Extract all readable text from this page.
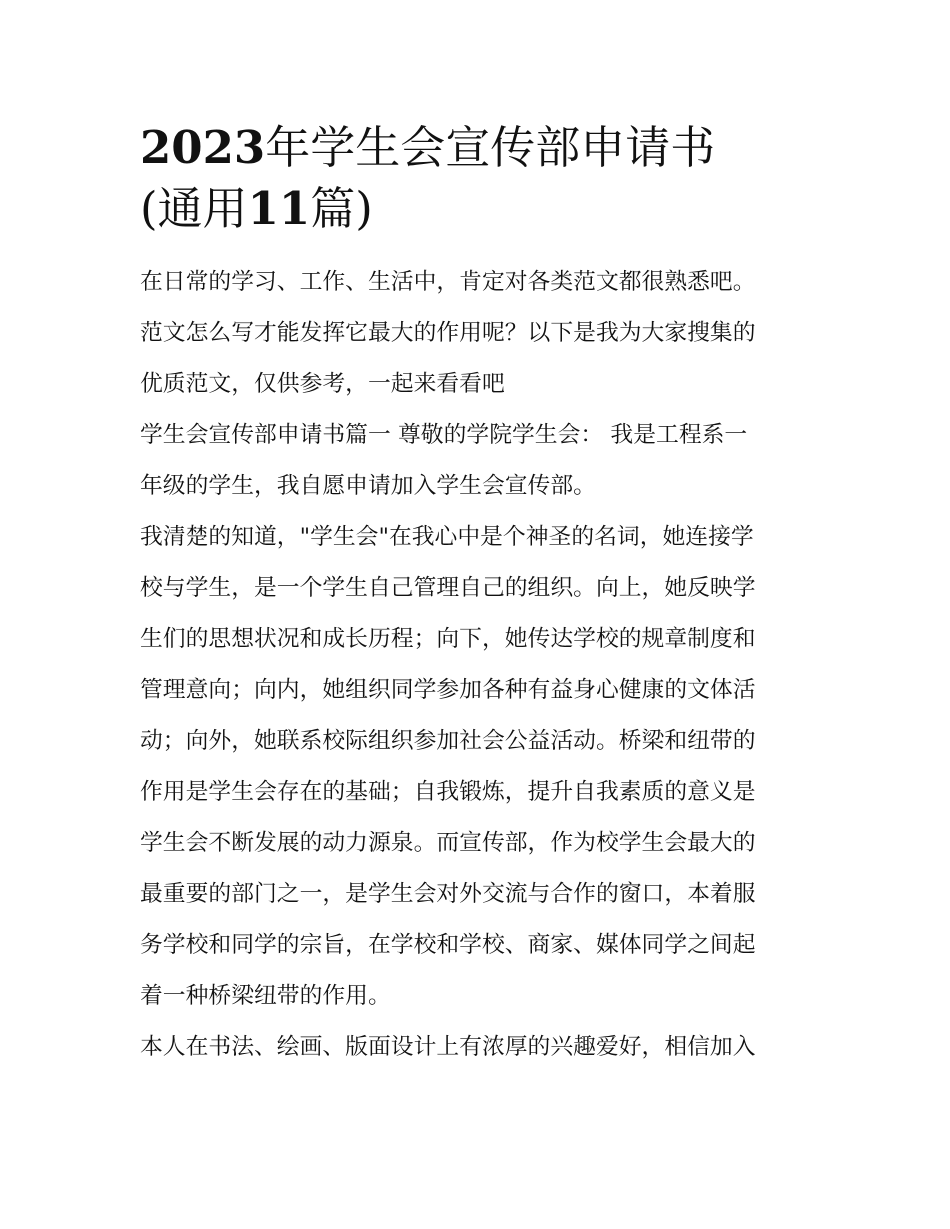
2023年学生会宣传部申请书
(通用11篇)
在日常的学习、工作、生活中，肯定对各类范文都很熟悉吧。
范文怎么写才能发挥它最大的作用呢？以下是我为大家搜集的
优质范文，仅供参考，一起来看看吧
学生会宣传部申请书篇一 尊敬的学院学生会： 我是工程系一
年级的学生，我自愿申请加入学生会宣传部。
我清楚的知道，"学生会"在我心中是个神圣的名词，她连接学
校与学生，是一个学生自己管理自己的组织。向上，她反映学
生们的思想状况和成长历程；向下，她传达学校的规章制度和
管理意向；向内，她组织同学参加各种有益身心健康的文体活
动；向外，她联系校际组织参加社会公益活动。桥梁和纽带的
作用是学生会存在的基础；自我锻炼，提升自我素质的意义是
学生会不断发展的动力源泉。而宣传部，作为校学生会最大的
最重要的部门之一，是学生会对外交流与合作的窗口，本着服
务学校和同学的宗旨，在学校和学校、商家、媒体同学之间起
着一种桥梁纽带的作用。
本人在书法、绘画、版面设计上有浓厚的兴趣爱好，相信加入
